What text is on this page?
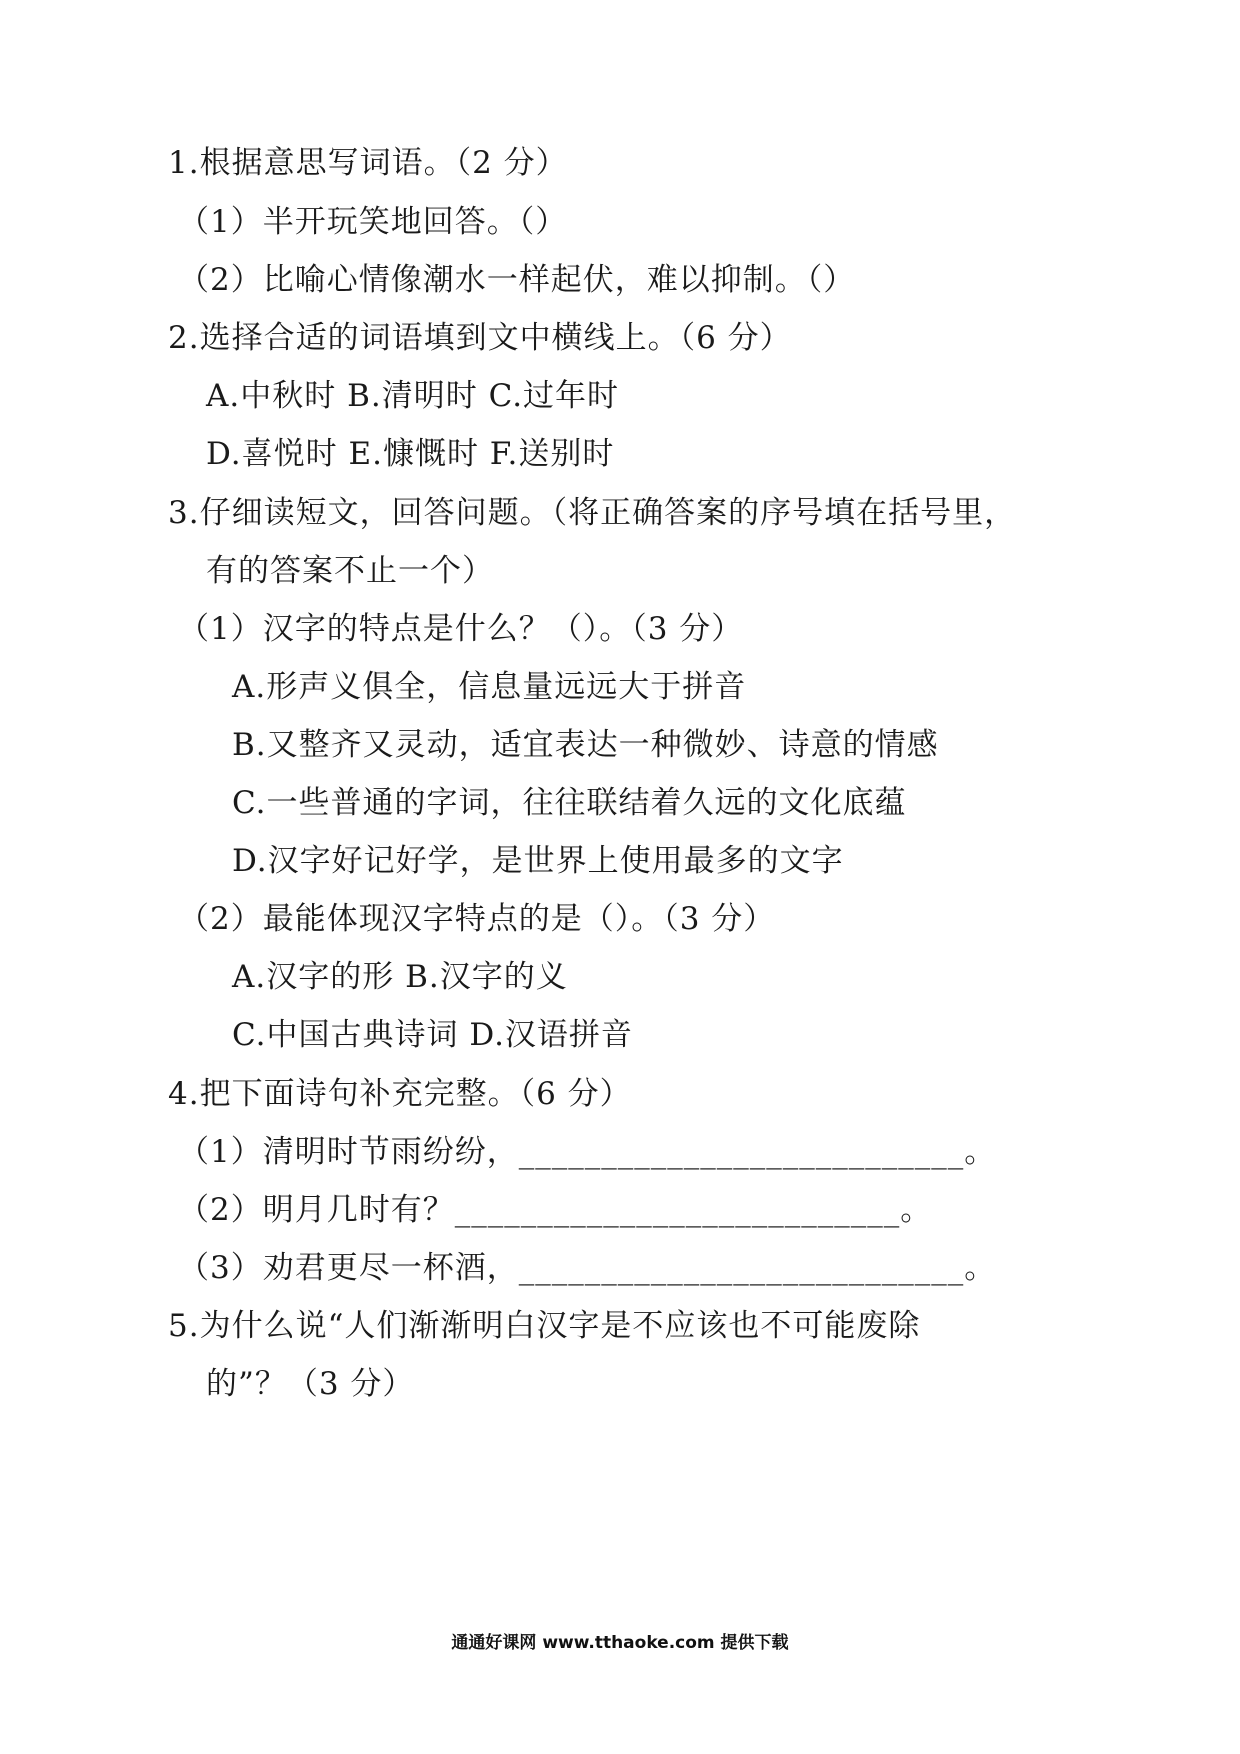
1.根据意思写词语。（2 分）
（1）半开玩笑地回答。（）
（2）比喻心情像潮水一样起伏，难以抑制。（）
2.选择合适的词语填到文中横线上。（6 分）
A.中秋时 B.清明时 C.过年时
D.喜悦时 E.慷慨时 F.送别时
3.仔细读短文，回答问题。（将正确答案的序号填在括号里，
有的答案不止一个）
（1）汉字的特点是什么？（）。（3 分）
A.形声义俱全，信息量远远大于拼音
B.又整齐又灵动，适宜表达一种微妙、诗意的情感
C.一些普通的字词，往往联结着久远的文化底蕴
D.汉字好记好学，是世界上使用最多的文字
（2）最能体现汉字特点的是（）。（3 分）
A.汉字的形 B.汉字的义
C.中国古典诗词 D.汉语拼音
4.把下面诗句补充完整。（6 分）
（1）清明时节雨纷纷，___________________________。
（2）明月几时有？___________________________。
（3）劝君更尽一杯酒，___________________________。
5.为什么说“人们渐渐明白汉字是不应该也不可能废除
的”？（3 分）
通通好课网 www.tthaoke.com 提供下载
